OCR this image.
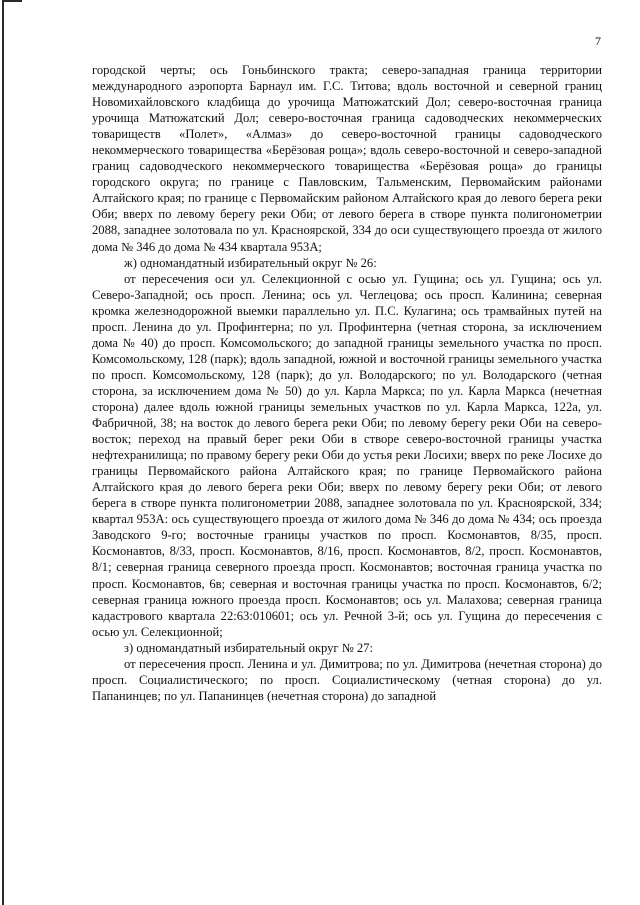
7

городской черты; ось Гоньбинского тракта; северо-западная граница территории международного аэропорта Барнаул им. Г.С. Титова; вдоль восточной и северной границ Новомихайловского кладбища до урочища Матюжатский Дол; северо-восточная граница урочища Матюжатский Дол; северо-восточная граница садоводческих некоммерческих товариществ «Полет», «Алмаз» до северо-восточной границы садоводческого некоммерческого товарищества «Берёзовая роща»; вдоль северо-восточной и северо-западной границ садоводческого некоммерческого товарищества «Берёзовая роща» до границы городского округа; по границе с Павловским, Тальменским, Первомайским районами Алтайского края; по границе с Первомайским районом Алтайского края до левого берега реки Оби; вверх по левому берегу реки Оби; от левого берега в створе пункта полигонометрии 2088, западнее золотовала по ул. Красноярской, 334 до оси существующего проезда от жилого дома № 346 до дома № 434 квартала 953А;

ж) одномандатный избирательный округ № 26:

от пересечения оси ул. Селекционной с осью ул. Гущина; ось ул. Гущина; ось ул. Северо-Западной; ось просп. Ленина; ось ул. Чеглецова; ось просп. Калинина; северная кромка железнодорожной выемки параллельно ул. П.С. Кулагина; ось трамвайных путей на просп. Ленина до ул. Профинтерна; по ул. Профинтерна (четная сторона, за исключением дома № 40) до просп. Комсомольского; до западной границы земельного участка по просп. Комсомольскому, 128 (парк); вдоль западной, южной и восточной границы земельного участка по просп. Комсомольскому, 128 (парк); до ул. Володарского; по ул. Володарского (четная сторона, за исключением дома № 50) до ул. Карла Маркса; по ул. Карла Маркса (нечетная сторона) далее вдоль южной границы земельных участков по ул. Карла Маркса, 122а, ул. Фабричной, 38; на восток до левого берега реки Оби; по левому берегу реки Оби на северо-восток; переход на правый берег реки Оби в створе северо-восточной границы участка нефтехранилища; по правому берегу реки Оби до устья реки Лосихи; вверх по реке Лосихе до границы Первомайского района Алтайского края; по границе Первомайского района Алтайского края до левого берега реки Оби; вверх по левому берегу реки Оби; от левого берега в створе пункта полигонометрии 2088, западнее золотовала по ул. Красноярской, 334; квартал 953А: ось существующего проезда от жилого дома № 346 до дома № 434; ось проезда Заводского 9-го; восточные границы участков по просп. Космонавтов, 8/35, просп. Космонавтов, 8/33, просп. Космонавтов, 8/16, просп. Космонавтов, 8/2, просп. Космонавтов, 8/1; северная граница северного проезда просп. Космонавтов; восточная граница участка по просп. Космонавтов, 6в; северная и восточная границы участка по просп. Космонавтов, 6/2; северная граница южного проезда просп. Космонавтов; ось ул. Малахова; северная граница кадастрового квартала 22:63:010601; ось ул. Речной 3-й; ось ул. Гущина до пересечения с осью ул. Селекционной;

з) одномандатный избирательный округ № 27:

от пересечения просп. Ленина и ул. Димитрова; по ул. Димитрова (нечетная сторона) до просп. Социалистического; по просп. Социалистическому (четная сторона) до ул. Папанинцев; по ул. Папанинцев (нечетная сторона) до западной
